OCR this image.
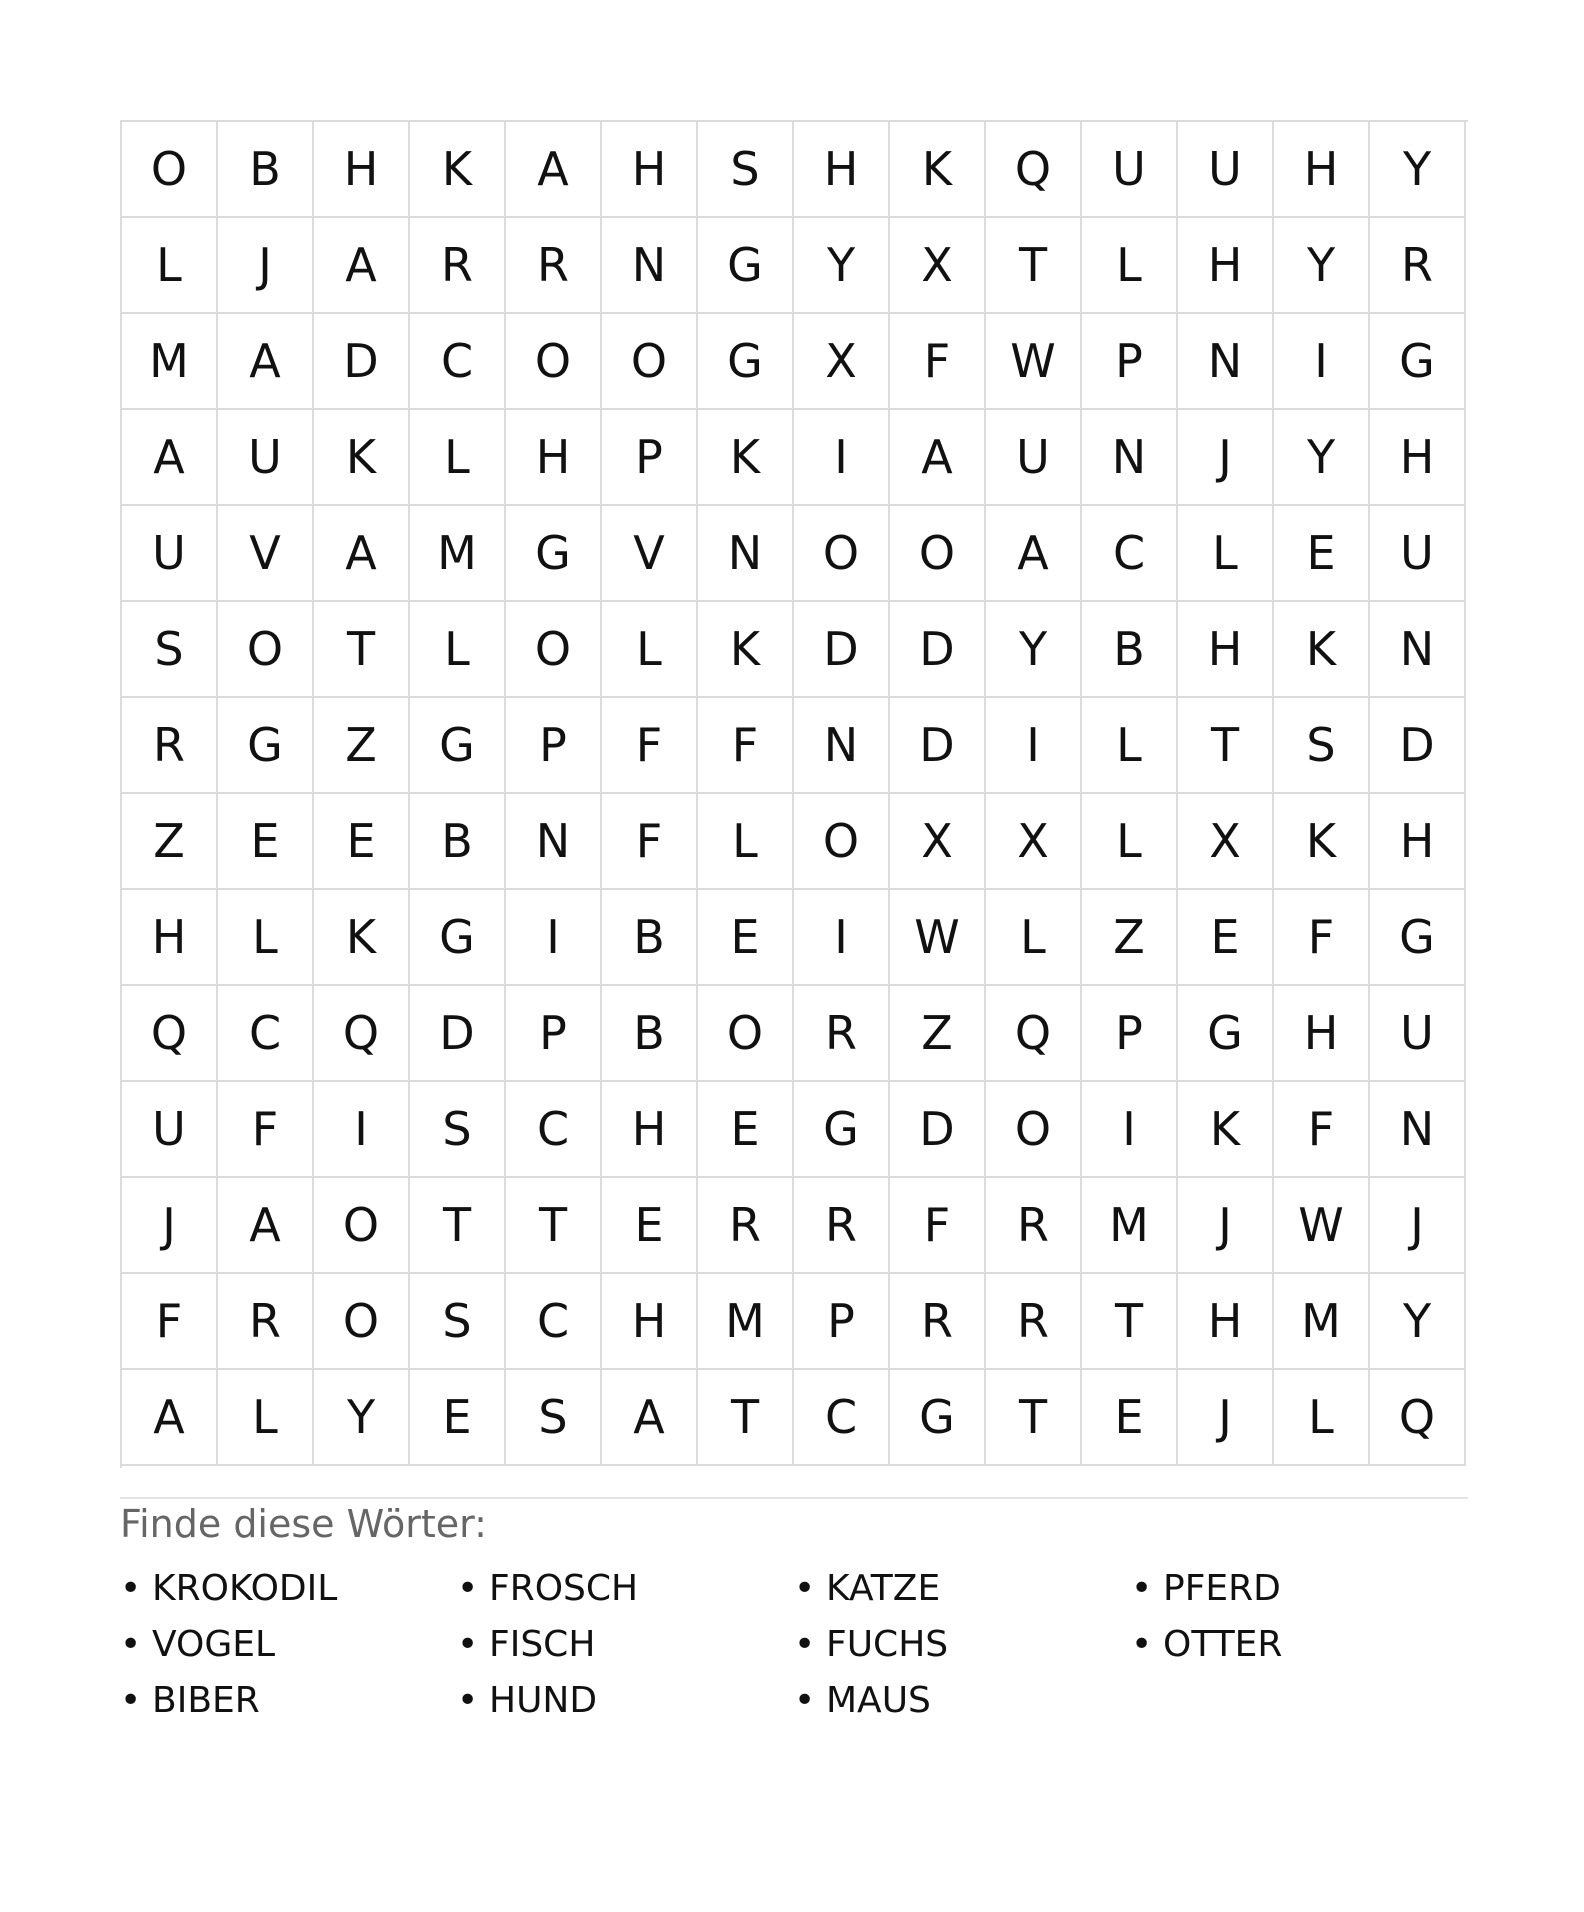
O	B	H	K	A	H	S	H	K	Q	U	U	H	Y
L	J	A	R	R	N	G	Y	X	T	L	H	Y	R
M	A	D	C	O	O	G	X	F	W	P	N	I	G
A	U	K	L	H	P	K	I	A	U	N	J	Y	H
U	V	A	M	G	V	N	O	O	A	C	L	E	U
S	O	T	L	O	L	K	D	D	Y	B	H	K	N
R	G	Z	G	P	F	F	N	D	I	L	T	S	D
Z	E	E	B	N	F	L	O	X	X	L	X	K	H
H	L	K	G	I	B	E	I	W	L	Z	E	F	G
Q	C	Q	D	P	B	O	R	Z	Q	P	G	H	U
U	F	I	S	C	H	E	G	D	O	I	K	F	N
J	A	O	T	T	E	R	R	F	R	M	J	W	J
F	R	O	S	C	H	M	P	R	R	T	H	M	Y
A	L	Y	E	S	A	T	C	G	T	E	J	L	Q
Finde diese Wörter:
• KROKODIL	• FROSCH	• KATZE	• PFERD
• VOGEL	• FISCH	• FUCHS	• OTTER
• BIBER	• HUND	• MAUS
